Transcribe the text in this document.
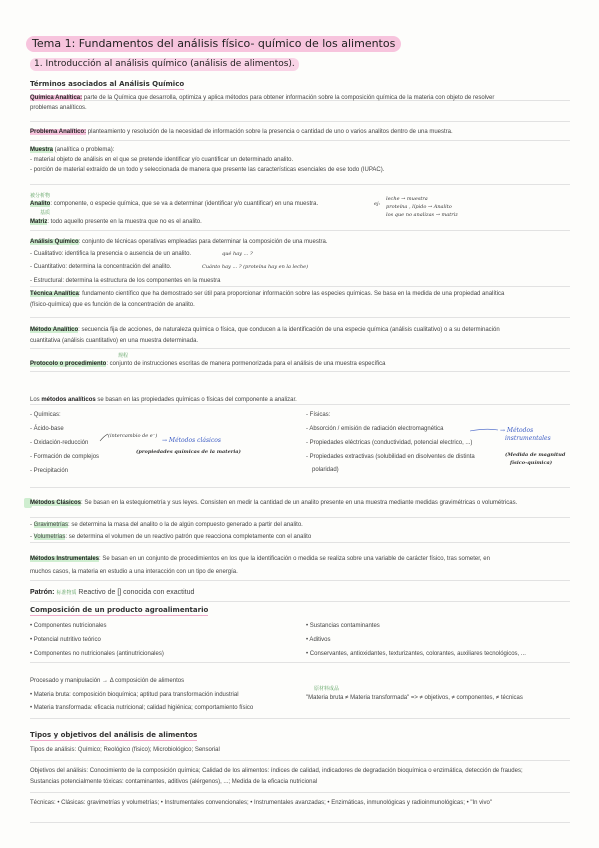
Tema 1: Fundamentos del análisis físico- químico de los alimentos
1. Introducción al análisis químico (análisis de alimentos).
Términos asociados al Análisis Químico
Química Analítica: parte de la Química que desarrolla, optimiza y aplica métodos para obtener información sobre la composición química de la materia con objeto de resolver
problemas analíticos.
Problema Analítico: planteamiento y resolución de la necesidad de información sobre la presencia o cantidad de uno o varios analitos dentro de una muestra.
Muestra (analítica o problema):
- material objeto de análisis en el que se pretende identificar y/o cuantificar un determinado analito.
- porción de material extraído de un todo y seleccionada de manera que presente las características esenciales de ese todo (IUPAC).
被分析物
Analito: componente, o especie química, que se va a determinar (identificar y/o cuantificar) en una muestra.	ej:
leche → muestra
proteína , lípido → Analito
los que no analizas → matriz
基质
Matriz: todo aquello presente en la muestra que no es el analito.
Análisis Químico: conjunto de técnicas operativas empleadas para determinar la composición de una muestra.
- Cualitativo: identifica la presencia o ausencia de un analito.	qué hay ... ?
- Cuantitativo: determina la concentración del analito.	Cuánto hay ... ? (proteína hay en la leche)
- Estructural: determina la estructura de los componentes en la muestra
Técnica Analítica: fundamento científico que ha demostrado ser útil para proporcionar información sobre las especies químicas. Se basa en la medida de una propiedad analítica
(físico-química) que es función de la concentración de analito.
Método Analítico: secuencia fija de acciones, de naturaleza química o física, que conducen a la identificación de una especie química (análisis cualitativo) o a su determinación
cuantitativa (análisis cuantitativo) en una muestra determinada.
规程
Protocolo o procedimiento: conjunto de instrucciones escritas de manera pormenorizada para el análisis de una muestra específica
Los métodos analíticos se basan en las propiedades químicas o físicas del componente a analizar.
- Químicas:
- Ácido-base
- Oxidación-reducción
- Formación de complejos
- Precipitación
(intercambio de e⁻)
→ Métodos clásicos
(propiedades químicas de la materia)
- Físicas:
- Absorción / emisión de radiación electromagnética
- Propiedades eléctricas (conductividad, potencial electrico, ...)
- Propiedades extractivas (solubilidad en disolventes de distinta
polaridad)
→ Métodos
instrumentales
(Medida de magnitud
físico-química)
Métodos Clásicos: Se basan en la estequiometría y sus leyes. Consisten en medir la cantidad de un analito presente en una muestra mediante medidas gravimétricas o volumétricas.
- Gravimetrías: se determina la masa del analito o la de algún compuesto generado a partir del analito.
- Volumetrías: se determina el volumen de un reactivo patrón que reacciona completamente con el analito
Métodos Instrumentales: Se basan en un conjunto de procedimientos en los que la identificación o medida se realiza sobre una variable de carácter físico, tras someter, en
muchos casos, la materia en estudio a una interacción con un tipo de energía.
Patrón: 标准物质 Reactivo de [] conocida con exactitud
Composición de un producto agroalimentario
• Componentes nutricionales
• Potencial nutritivo teórico
• Componentes no nutricionales (antinutricionales)
• Sustancias contaminantes
• Aditivos
• Conservantes, antioxidantes, texturizantes, colorantes, auxiliares tecnológicos, ...
Procesado y manipulación → Δ composición de alimentos
• Materia bruta: composición bioquímica; aptitud para transformación industrial
• Materia transformada: eficacia nutricional; calidad higiénica; comportamiento físico
原材料成品
"Materia bruta ≠ Materia transformada" => ≠ objetivos, ≠ componentes, ≠ técnicas
Tipos y objetivos del análisis de alimentos
Tipos de análisis: Químico; Reológico (físico); Microbiológico; Sensorial
Objetivos del análisis: Conocimiento de la composición química; Calidad de los alimentos: índices de calidad, indicadores de degradación bioquímica o enzimática, detección de fraudes;
Sustancias potencialmente tóxicas: contaminantes, aditivos (alérgenos), ...; Medida de la eficacia nutricional
Técnicas: • Clásicas: gravimetrías y volumetrías; • Instrumentales convencionales; • Instrumentales avanzadas; • Enzimáticas, inmunológicas y radioinmunológicas; • "In vivo"
